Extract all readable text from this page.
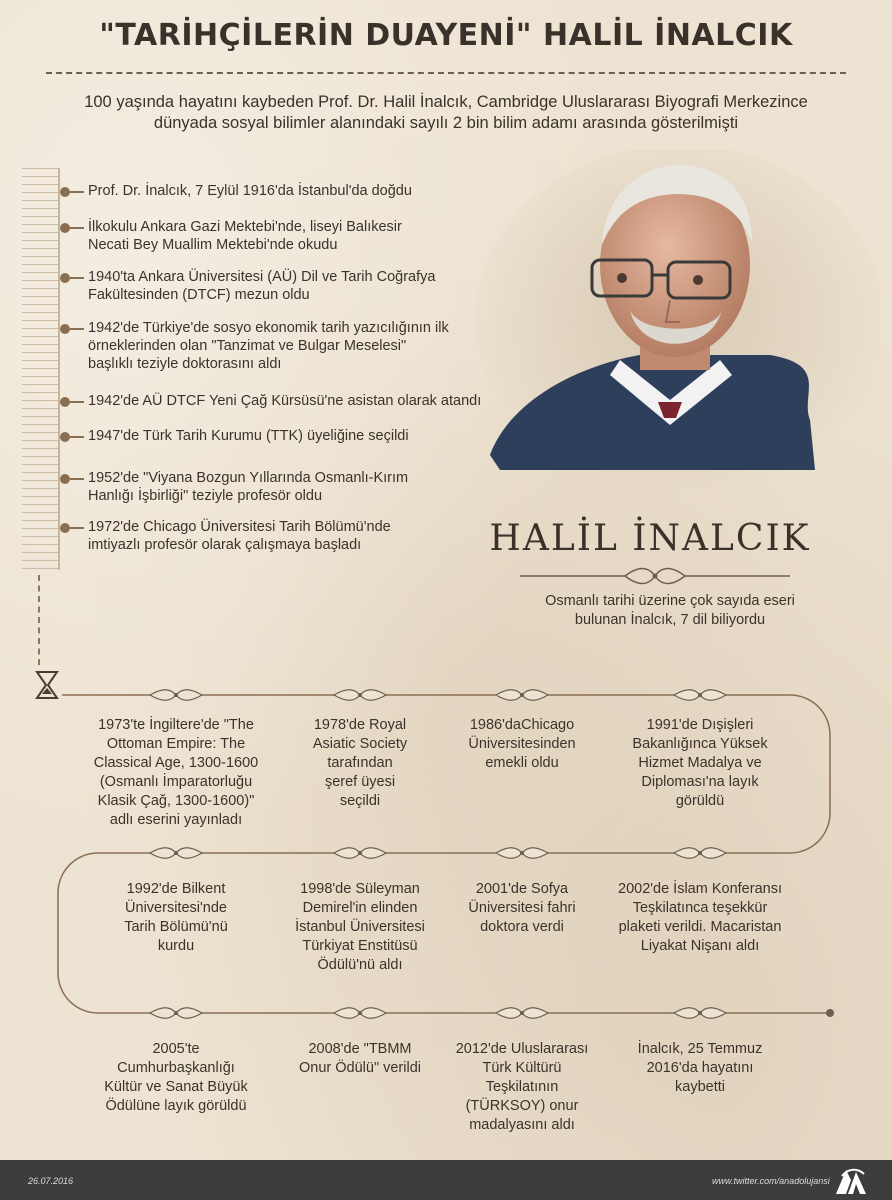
"TARİHÇİLERİN DUAYENİ" HALİL İNALCIK
100 yaşında hayatını kaybeden Prof. Dr. Halil İnalcık, Cambridge Uluslararası Biyografi Merkezince
dünyada sosyal bilimler alanındaki sayılı 2 bin bilim adamı arasında gösterilmişti
Prof. Dr. İnalcık, 7 Eylül 1916'da İstanbul'da doğdu
İlkokulu Ankara Gazi Mektebi'nde, liseyi Balıkesir
Necati Bey Muallim Mektebi'nde okudu
1940'ta Ankara Üniversitesi (AÜ) Dil ve Tarih Coğrafya
Fakültesinden (DTCF) mezun oldu
1942'de Türkiye'de sosyo ekonomik tarih yazıcılığının ilk
örneklerinden olan "Tanzimat ve Bulgar Meselesi"
başlıklı teziyle doktorasını aldı
1942'de AÜ DTCF Yeni Çağ Kürsüsü'ne asistan olarak atandı
1947'de Türk Tarih Kurumu (TTK) üyeliğine seçildi
1952'de "Viyana Bozgun Yıllarında Osmanlı-Kırım
Hanlığı İşbirliği" teziyle profesör oldu
1972'de Chicago Üniversitesi Tarih Bölümü'nde
imtiyazlı profesör olarak çalışmaya başladı	HALİL İNALCIK
Osmanlı tarihi üzerine çok sayıda eseri
bulunan İnalcık, 7 dil biliyordu
1973'te İngiltere'de "The
Ottoman Empire: The
Classical Age, 1300-1600
(Osmanlı İmparatorluğu
Klasik Çağ, 1300-1600)"
adlı eserini yayınladı
1978'de Royal
Asiatic Society
tarafından
şeref üyesi
seçildi
1986'daChicago
Üniversitesinden
emekli oldu
1991'de Dışişleri
Bakanlığınca Yüksek
Hizmet Madalya ve
Diploması'na layık
görüldü
1992'de Bilkent
Üniversitesi'nde
Tarih Bölümü'nü
kurdu
1998'de Süleyman
Demirel'in elinden
İstanbul Üniversitesi
Türkiyat Enstitüsü
Ödülü'nü aldı
2001'de Sofya
Üniversitesi fahri
doktora verdi
2002'de İslam Konferansı
Teşkilatınca teşekkür
plaketi verildi. Macaristan
Liyakat Nişanı aldı
2005'te
Cumhurbaşkanlığı
Kültür ve Sanat Büyük
Ödülüne layık görüldü
2008'de "TBMM
Onur Ödülü" verildi
2012'de Uluslararası
Türk Kültürü
Teşkilatının
(TÜRKSOY) onur
madalyasını aldı
İnalcık, 25 Temmuz
2016'da hayatını
kaybetti
26.07.2016	www.twitter.com/anadolujansi
